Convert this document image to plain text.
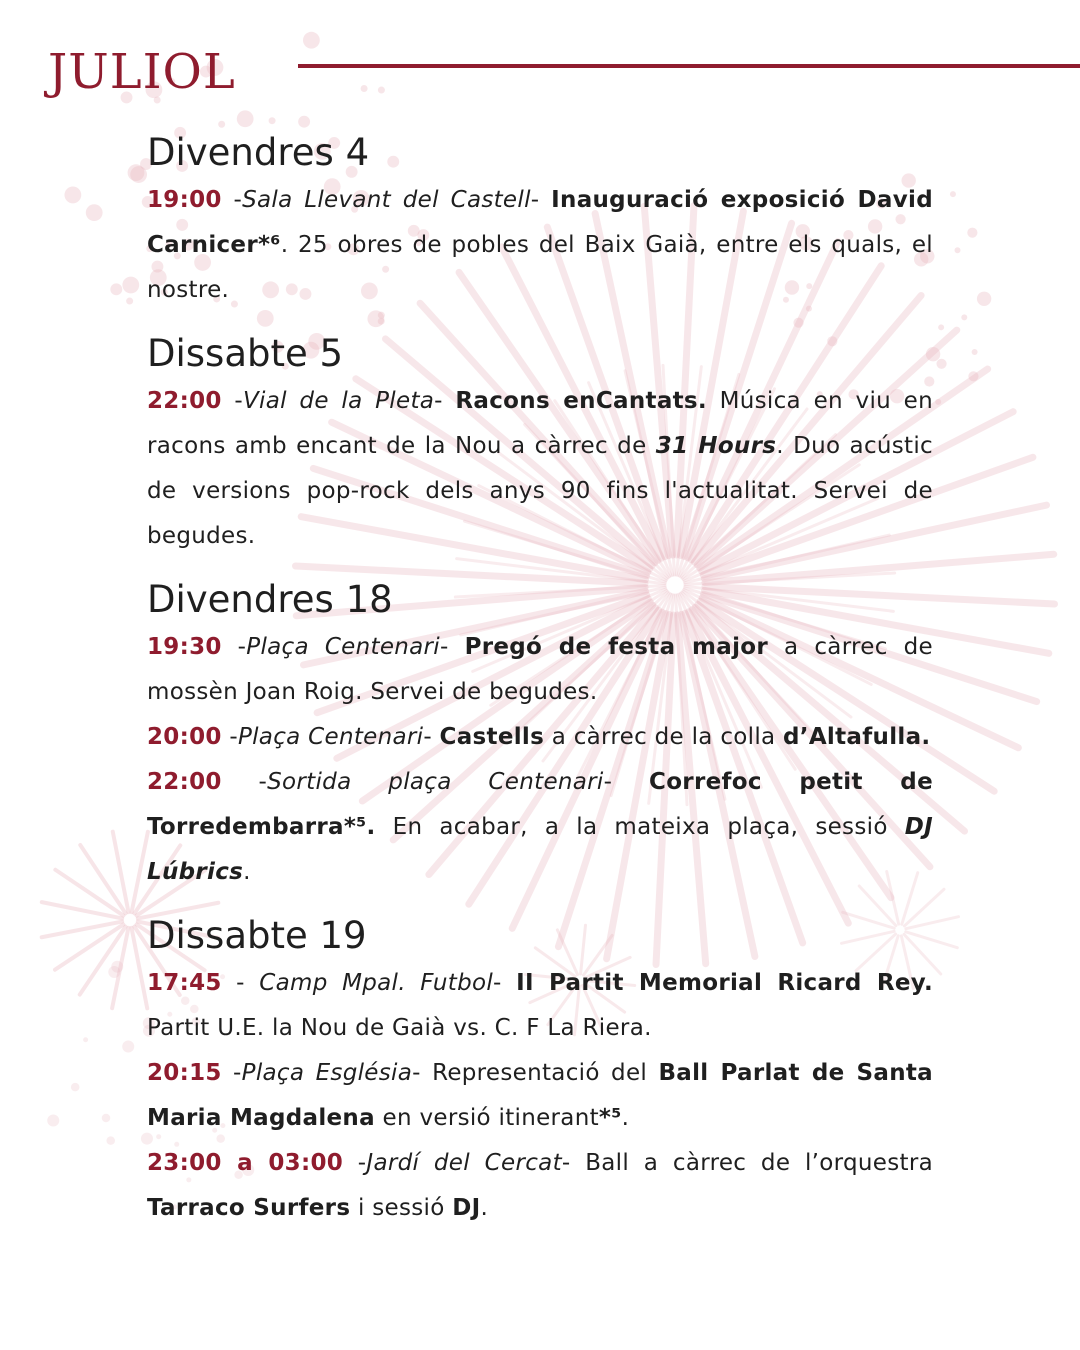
JULIOL
Divendres 4

19:00 -Sala Llevant del Castell- Inauguració exposició David Carnicer*⁶. 25 obres de pobles del Baix Gaià, entre els quals, el nostre.

Dissabte 5

22:00 -Vial de la Pleta- Racons enCantats. Música en viu en racons amb encant de la Nou a càrrec de 31 Hours. Duo acústic de versions pop-rock dels anys 90 fins l'actualitat. Servei de begudes.

Divendres 18

19:30 -Plaça Centenari- Pregó de festa major a càrrec de mossèn Joan Roig. Servei de begudes.

20:00 -Plaça Centenari- Castells a càrrec de la colla d’Altafulla.

22:00 -Sortida plaça Centenari- Correfoc petit de Torredembarra*⁵. En acabar, a la mateixa plaça, sessió DJ Lúbrics.

Dissabte 19

17:45 - Camp Mpal. Futbol- II Partit Memorial Ricard Rey. Partit U.E. la Nou de Gaià vs. C. F La Riera.

20:15 -Plaça Església- Representació del Ball Parlat de Santa Maria Magdalena en versió itinerant*⁵.

23:00 a 03:00 -Jardí del Cercat- Ball a càrrec de l’orquestra Tarraco Surfers i sessió DJ.
